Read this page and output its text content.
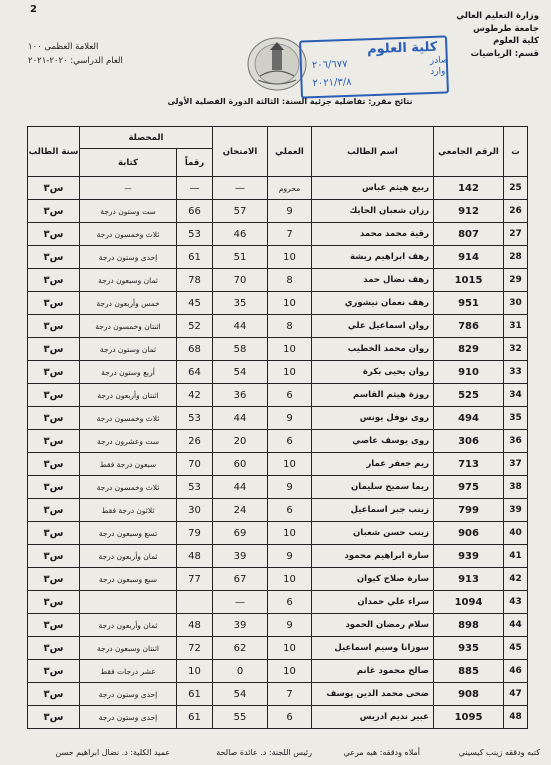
2
العلامة العظمى ١٠٠
العام الدراسي: ٢٠٢٠-٢٠٢١
وزارة التعليم العالي
جامعة طرطوس
كلية العلوم
قسم: الرياضيات
كلية العلوم
٢٠٦/٦٧٧
٢٠٢١/٣/٨
صادر
وارد
نتائج مقرر: تفاضلية جزئية السنة: الثالثة الدورة الفصلية الأولى
ت	الرقم الجامعي	اسم الطالب	العملي	الامتحان	المحصلة		سنة الطالب
					رقماً	كتابة	
25	142	ربيع هيثم عباس	محروم	—	—	—	س٣
26	912	رزان شعبان الحايك	9	57	66	ست وستون درجة	س٣
27	807	رقية محمد محمد	7	46	53	ثلاث وخمسون درجة	س٣
28	914	رهف ابراهيم ريشة	10	51	61	إحدى وستون درجة	س٣
29	1015	رهف نضال حمد	8	70	78	ثمان وسبعون درجة	س٣
30	951	رهف نعمان نيشوري	10	35	45	خمس وأربعون درجة	س٣
31	786	روان اسماعيل علي	8	44	52	اثنتان وخمسون درجة	س٣
32	829	روان محمد الخطيب	10	58	68	ثمان وستون درجة	س٣
33	910	روان يحيى بكرة	10	54	64	أربع وستون درجة	س٣
34	525	روزة هيثم القاسم	6	36	42	اثنتان وأربعون درجة	س٣
35	494	روى نوفل يونس	9	44	53	ثلاث وخمسون درجة	س٣
36	306	روى يوسف عاصي	6	20	26	ست وعشرون درجة	س٣
37	713	ريم جعفر عمار	10	60	70	سبعون درجة فقط	س٣
38	975	ريما سميح سليمان	9	44	53	ثلاث وخمسون درجة	س٣
39	799	زينب جبر اسماعيل	6	24	30	ثلاثون درجة فقط	س٣
40	906	زينب حسن شعبان	10	69	79	تسع وسبعون درجة	س٣
41	939	سارة ابراهيم محمود	9	39	48	ثمان وأربعون درجة	س٣
42	913	سارة صلاح كيوان	10	67	77	سبع وسبعون درجة	س٣
43	1094	سراء علي حمدان	6	—			س٣
44	898	سلام رمضان الحمود	9	39	48	ثمان وأربعون درجة	س٣
45	935	سوزانا وسيم اسماعيل	10	62	72	اثنتان وسبعون درجة	س٣
46	885	صالح محمود غانم	10	0	10	عشر درجات فقط	س٣
47	908	ضحى محمد الدين يوسف	7	54	61	إحدى وستون درجة	س٣
48	1095	عبير نديم ادريس	6	55	61	إحدى وستون درجة	س٣
كتبه ودققه زينب كيسيني
أملاه ودققه: هبه مرعي
رئيس اللجنة: د. عائدة صالحة
عميد الكلية: د. نضال ابراهيم حسن
